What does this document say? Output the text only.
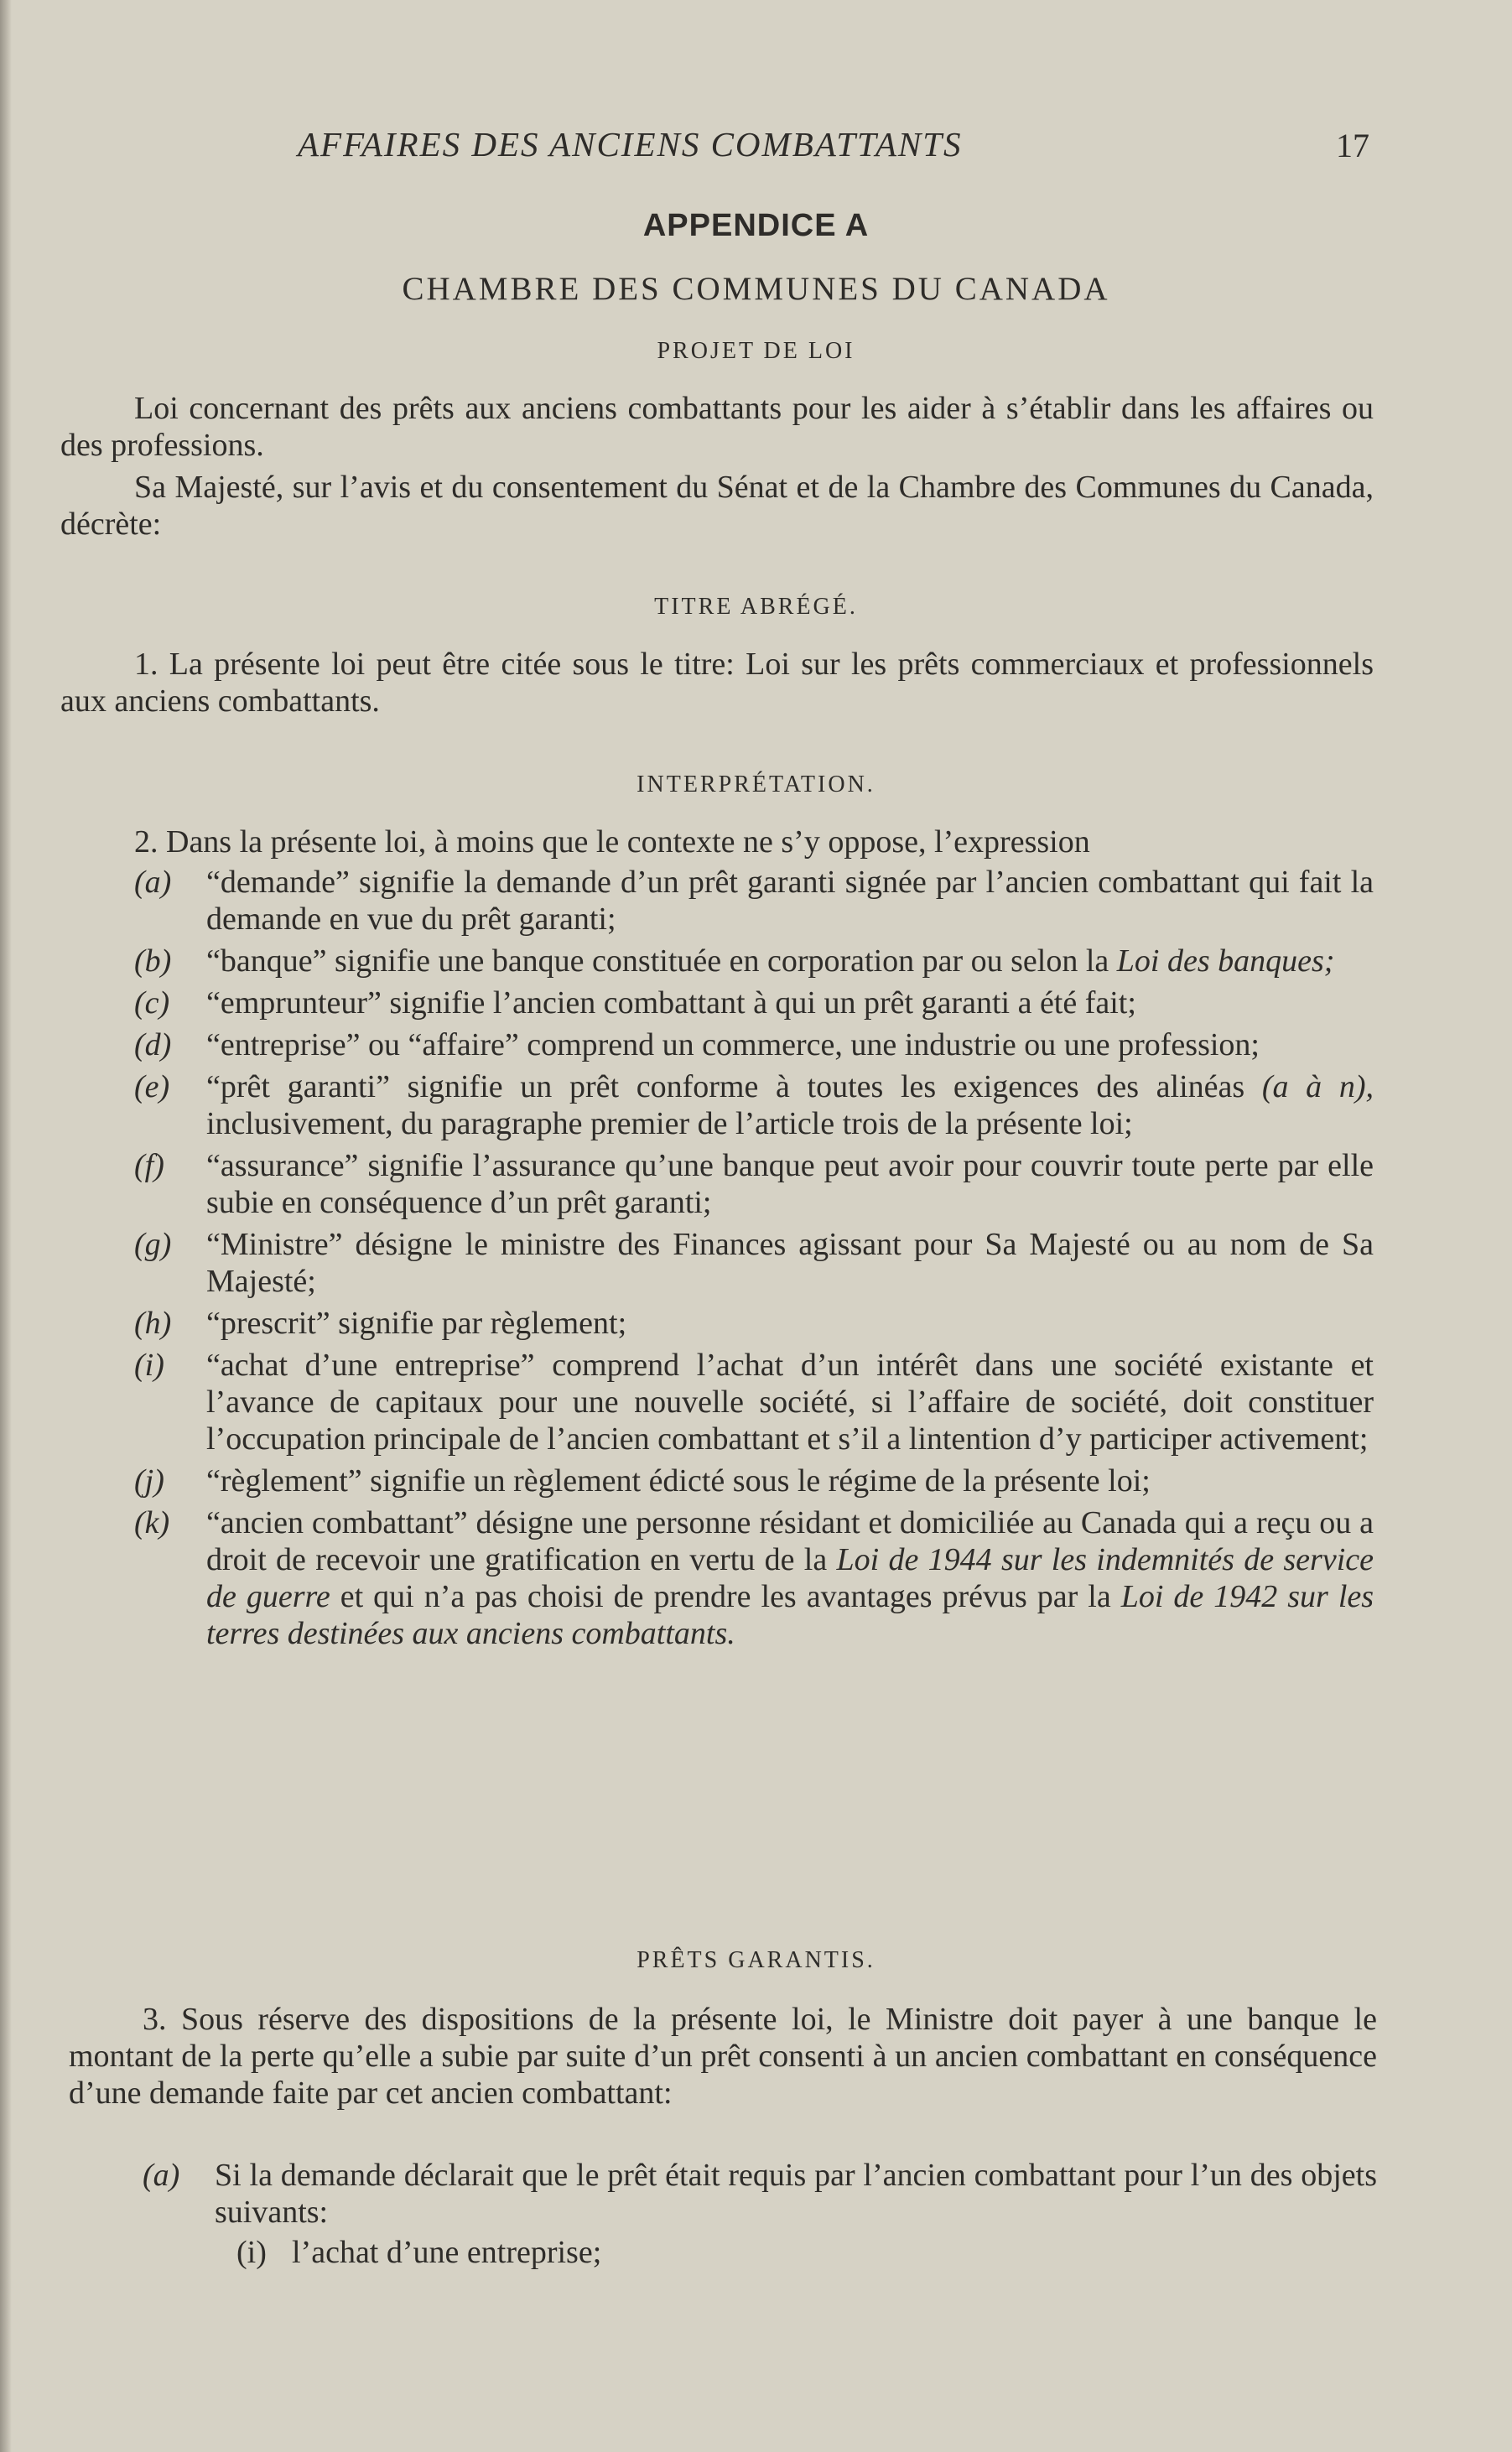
AFFAIRES DES ANCIENS COMBATTANTS	17

APPENDICE A

CHAMBRE DES COMMUNES DU CANADA

PROJET DE LOI

Loi concernant des prêts aux anciens combattants pour les aider à s’établir dans les affaires ou des professions.

Sa Majesté, sur l’avis et du consentement du Sénat et de la Chambre des Communes du Canada, décrète:

TITRE ABRÉGÉ.

1. La présente loi peut être citée sous le titre: Loi sur les prêts commerciaux et professionnels aux anciens combattants.

INTERPRÉTATION.

2. Dans la présente loi, à moins que le contexte ne s’y oppose, l’expression

(a) “demande” signifie la demande d’un prêt garanti signée par l’ancien combattant qui fait la demande en vue du prêt garanti;
(b) “banque” signifie une banque constituée en corporation par ou selon la Loi des banques;
(c) “emprunteur” signifie l’ancien combattant à qui un prêt garanti a été fait;
(d) “entreprise” ou “affaire” comprend un commerce, une industrie ou une profession;
(e) “prêt garanti” signifie un prêt conforme à toutes les exigences des alinéas (a à n), inclusivement, du paragraphe premier de l’article trois de la présente loi;
(f) “assurance” signifie l’assurance qu’une banque peut avoir pour couvrir toute perte par elle subie en conséquence d’un prêt garanti;
(g) “Ministre” désigne le ministre des Finances agissant pour Sa Majesté ou au nom de Sa Majesté;
(h) “prescrit” signifie par règlement;
(i) “achat d’une entreprise” comprend l’achat d’un intérêt dans une société existante et l’avance de capitaux pour une nouvelle société, si l’affaire de société, doit constituer l’occupation principale de l’ancien combattant et s’il a lintention d’y participer activement;
(j) “règlement” signifie un règlement édicté sous le régime de la présente loi;
(k) “ancien combattant” désigne une personne résidant et domiciliée au Canada qui a reçu ou a droit de recevoir une gratification en vertu de la Loi de 1944 sur les indemnités de service de guerre et qui n’a pas choisi de prendre les avantages prévus par la Loi de 1942 sur les terres destinées aux anciens combattants.

PRÊTS GARANTIS.

3. Sous réserve des dispositions de la présente loi, le Ministre doit payer à une banque le montant de la perte qu’elle a subie par suite d’un prêt consenti à un ancien combattant en conséquence d’une demande faite par cet ancien combattant:

(a) Si la demande déclarait que le prêt était requis par l’ancien combattant pour l’un des objets suivants:
(i) l’achat d’une entreprise;
